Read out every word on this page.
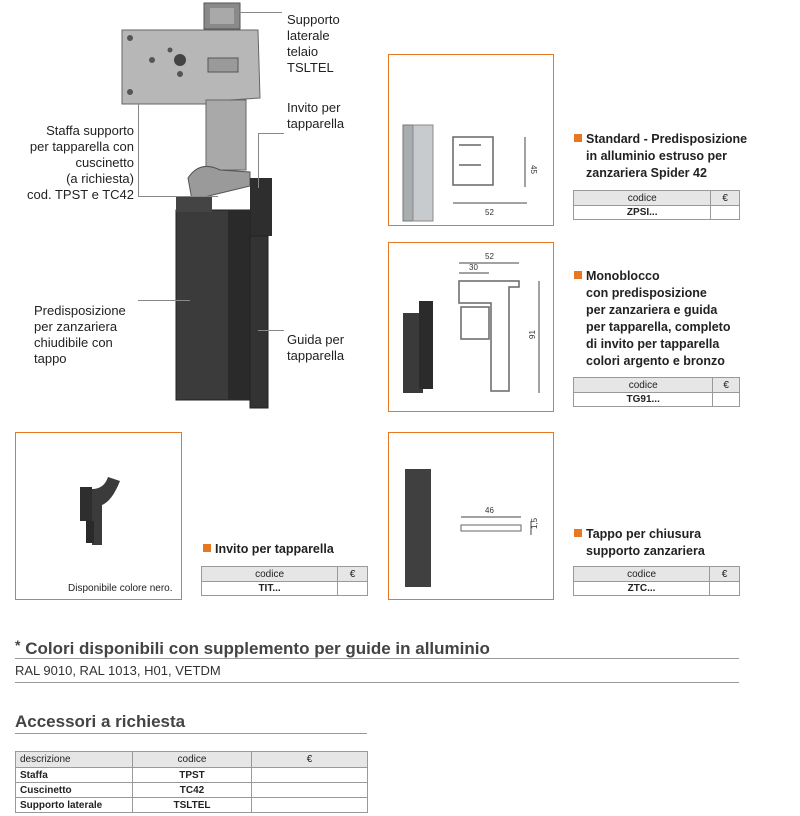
Supporto
laterale
telaio
TSLTEL
Invito per
tapparella
Staffa supporto
per tapparella con
cuscinetto
(a richiesta)
cod. TPST e TC42
Predisposizione
per zanzariera
chiudibile con
tappo
Guida per
tapparella
45
52
Standard - Predisposizione
in alluminio estruso per
zanzariera Spider 42
codice	€
ZPSI...	
52
30
91
Monoblocco
con predisposizione
per zanzariera e guida
per tapparella, completo
di invito per tapparella
colori argento e bronzo
codice	€
TG91...	
Disponibile colore nero.
Invito per tapparella
codice	€
TIT...	
46
1,5
Tappo per chiusura
supporto zanzariera
codice	€
ZTC...	
* Colori disponibili con supplemento per guide in alluminio
RAL 9010, RAL 1013, H01, VETDM
Accessori a richiesta
descrizione	codice	€
Staffa	TPST	
Cuscinetto	TC42	
Supporto laterale	TSLTEL	
